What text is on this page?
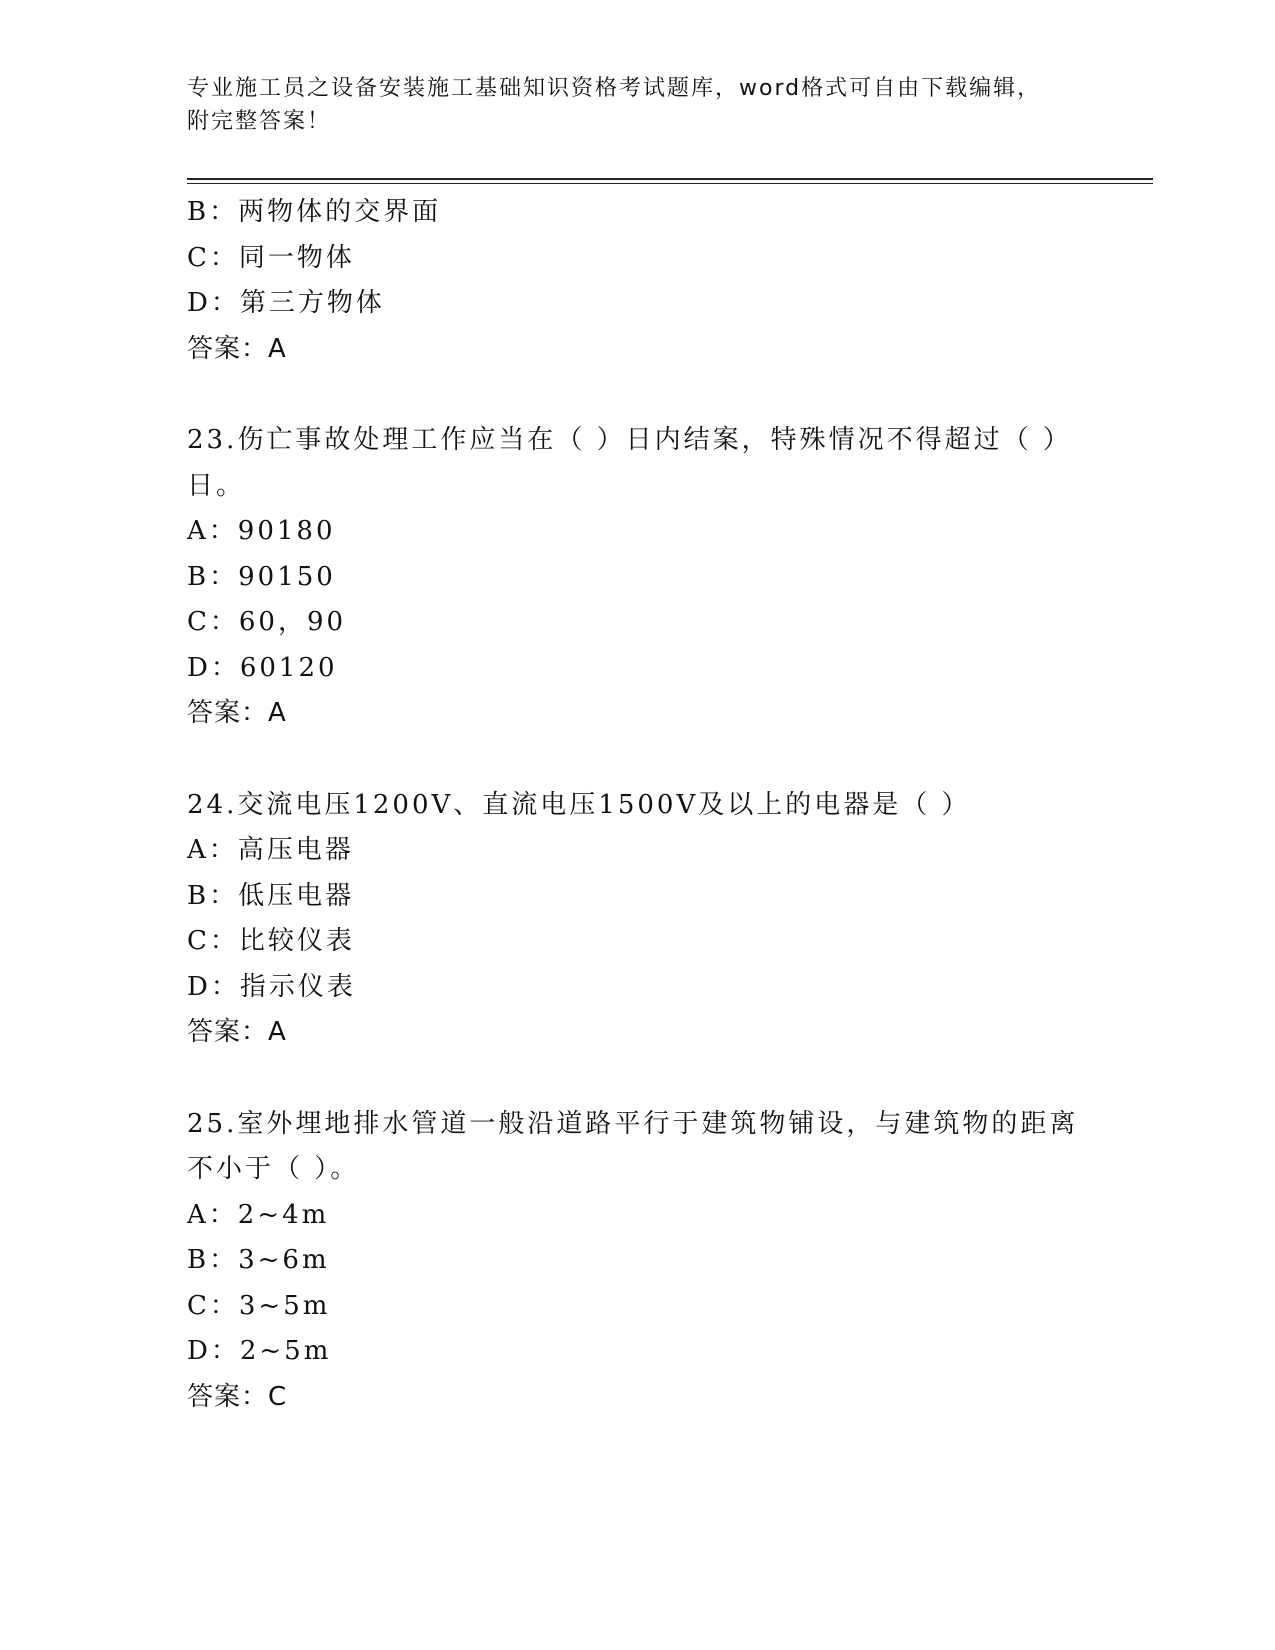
专业施工员之设备安装施工基础知识资格考试题库，word格式可自由下载编辑，
附完整答案！
B：两物体的交界面
C：同一物体
D：第三方物体
答案：A
23.伤亡事故处理工作应当在（ ）日内结案，特殊情况不得超过（ ）
日。
A：90180
B：90150
C：60，90
D：60120
答案：A
24.交流电压1200V、直流电压1500V及以上的电器是（ ）
A：高压电器
B：低压电器
C：比较仪表
D：指示仪表
答案：A
25.室外埋地排水管道一般沿道路平行于建筑物铺设，与建筑物的距离
不小于（ ）。
A：2~4m
B：3~6m
C：3~5m
D：2~5m
答案：C
